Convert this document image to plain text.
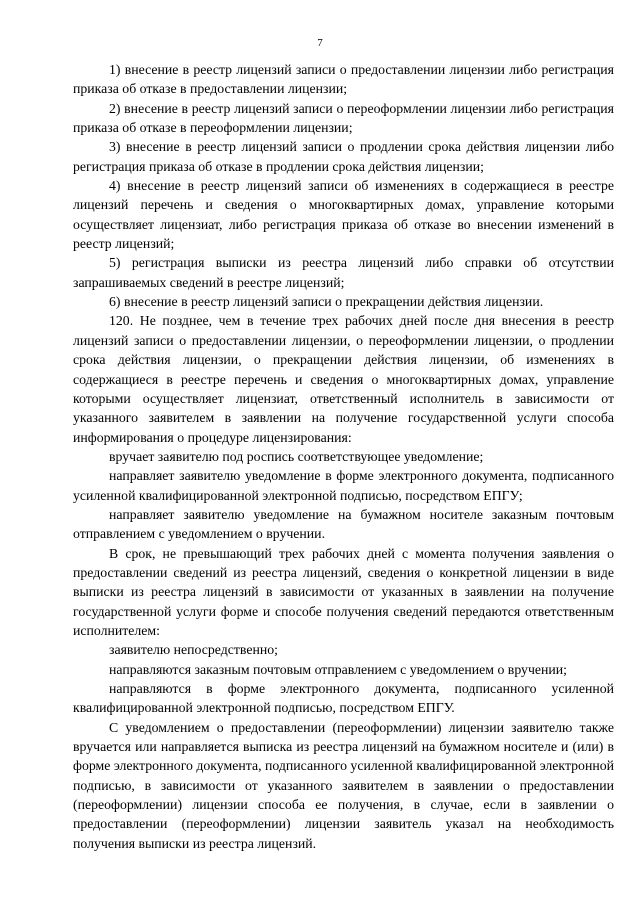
7

1) внесение в реестр лицензий записи о предоставлении лицензии либо регистрация приказа об отказе в предоставлении лицензии;

2) внесение в реестр лицензий записи о переоформлении лицензии либо регистрация приказа об отказе в переоформлении лицензии;

3) внесение в реестр лицензий записи о продлении срока действия лицензии либо регистрация приказа об отказе в продлении срока действия лицензии;

4) внесение в реестр лицензий записи об изменениях в содержащиеся в реестре лицензий перечень и сведения о многоквартирных домах, управление которыми осуществляет лицензиат, либо регистрация приказа об отказе во внесении изменений в реестр лицензий;

5) регистрация выписки из реестра лицензий либо справки об отсутствии запрашиваемых сведений в реестре лицензий;

6) внесение в реестр лицензий записи о прекращении действия лицензии.

120. Не позднее, чем в течение трех рабочих дней после дня внесения в реестр лицензий записи о предоставлении лицензии, о переоформлении лицензии, о продлении срока действия лицензии, о прекращении действия лицензии, об изменениях в содержащиеся в реестре перечень и сведения о многоквартирных домах, управление которыми осуществляет лицензиат, ответственный исполнитель в зависимости от указанного заявителем в заявлении на получение государственной услуги способа информирования о процедуре лицензирования:

вручает заявителю под роспись соответствующее уведомление;

направляет заявителю уведомление в форме электронного документа, подписанного усиленной квалифицированной электронной подписью, посредством ЕПГУ;

направляет заявителю уведомление на бумажном носителе заказным почтовым отправлением с уведомлением о вручении.

В срок, не превышающий трех рабочих дней с момента получения заявления о предоставлении сведений из реестра лицензий, сведения о конкретной лицензии в виде выписки из реестра лицензий в зависимости от указанных в заявлении на получение государственной услуги форме и способе получения сведений передаются ответственным исполнителем:

заявителю непосредственно;

направляются заказным почтовым отправлением с уведомлением о вручении;

направляются в форме электронного документа, подписанного усиленной квалифицированной электронной подписью, посредством ЕПГУ.

С уведомлением о предоставлении (переоформлении) лицензии заявителю также вручается или направляется выписка из реестра лицензий на бумажном носителе и (или) в форме электронного документа, подписанного усиленной квалифицированной электронной подписью, в зависимости от указанного заявителем в заявлении о предоставлении (переоформлении) лицензии способа ее получения, в случае, если в заявлении о предоставлении (переоформлении) лицензии заявитель указал на необходимость получения выписки из реестра лицензий.
